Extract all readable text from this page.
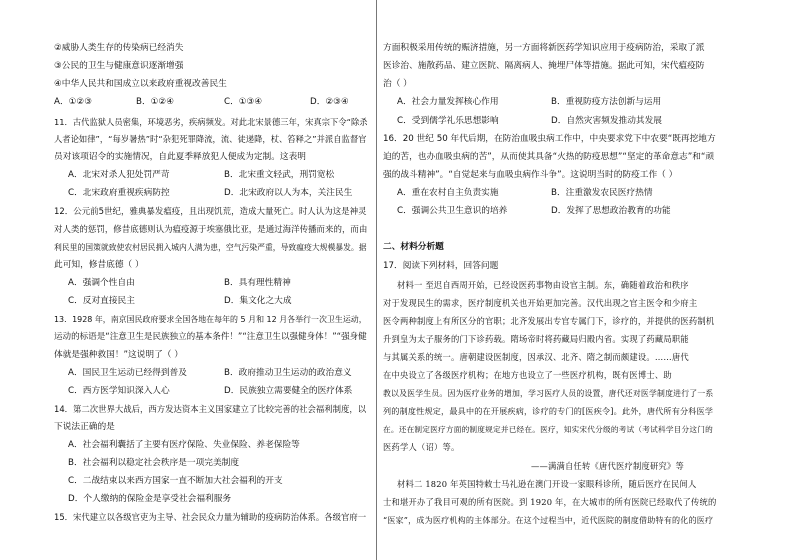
②威胁人类生存的传染病已经消失
③公民的卫生与健康意识逐渐增强
④中华人民共和国成立以来政府重视改善民生
A．①②③	B．①②④	C．①③④	D．②③④
11．古代监狱人员密集，环境恶劣，疾病频发。对此北宋景德三年，宋真宗下令“除杀
人者论如律”，“每岁暑热”时“杂犯死罪降流，流、徒递降，杖、笞释之”并派自监督官
员对该项诏令的实施情况，自此夏季释放犯人便成为定制。这表明
A．北宋对杀人犯处罚严苛	B．北宋重文轻武，刑罚宽松
C．北宋政府重视疾病防控	D．北宋政府以人为本，关注民生
12．公元前5世纪，雅典暴发瘟疫，且出现饥荒，造成大量死亡。时人认为这是神灵
对人类的惩罚，修昔底德则认为瘟疫源于埃塞俄比亚，是通过海洋传播而来的，而由
利民里的国策就致使农村居民拥入城内人满为患，空气污染严重，导致瘟疫大规模暴发。据
此可知，修昔底德（ ）
A．强调个性自由	B．具有理性精神
C．反对直接民主	D．集文化之大成
13．1928 年，南京国民政府要求全国各地在每年的 5 月和 12 月各举行一次卫生运动，
运动的标语是“注意卫生是民族独立的基本条件！”“注意卫生以强健身体！”“强身健
体就是强种救国！”这说明了（ ）
A．国民卫生运动已经得到普及	B．政府推动卫生运动的政治意义
C．西方医学知识深入人心	D．民族独立需要健全的医疗体系
14．第二次世界大战后，西方发达资本主义国家建立了比较完善的社会福利制度，以
下说法正确的是
A．社会福利囊括了主要有医疗保险、失业保险、养老保险等
B．社会福利以稳定社会秩序是一项完美制度
C．二战结束以来西方国家一直不断加大社会福利的开支
D．个人缴纳的保险金是享受社会福利服务
15．宋代建立以各级官吏为主导、社会民众力量为辅助的疫病防治体系。各级官府一
方面积极采用传统的赈济措施，另一方面将新医药学知识应用于疫病防治，采取了派
医诊治、施散药品、建立医院、隔离病人、掩埋尸体等措施。据此可知，宋代瘟疫防
治（ ）
A．社会力量发挥核心作用	B．重视防疫方法创新与运用
C．受到儒学礼乐思想影响	D．自然灾害频发推动其发展
16．20 世纪 50 年代后期，在防治血吸虫病工作中，中央要求党下中农要“既再挖地方
迫的苦，也办血吸虫病的苦”，从而使其具备“火热的防疫思想”“坚定的革命意志”和“顽
强的战斗精神”。“自觉起来与血吸虫病作斗争”。这说明当时的防疫工作（ ）
A．重在农村自主负责实施	B．注重激发农民医疗热情
C．强调公共卫生意识的培养	D．发挥了思想政治教育的功能
二、材料分析题
17．阅读下列材料，回答问题
材料一 至迟自西周开始，已经设医药事物由设官主制。东，确随着政治和秩序
对于发现民生的需求，医疗制度机关也开始更加完善。汉代出现之官主医令和少府主
医令两种制度上有所区分的官职；北齐发展出专官专属门下，诊疗的，并提供的医药制机
升到皇为太子服务的门下诊药载。隋场帝时将药藏局归殿内省。实现了药藏局职能
与其属关系的统一。唐朝建设医制度，因承汉、北齐、隋之制而颇建设。……唐代
在中央设立了各级医疗机构；在地方也设立了一些医疗机构，既有医博士、助
教以及医学生员。因为医疗业务的增加，学习医疗人员的设置，唐代还对医学制度进行了一系
列的制度性规定，最具中的在开展疾病，诊疗的专门的[医疾令]。此外，唐代所有分科医学
在。还在制定医疗方面的制度规定并已经在。医疗，知实宋代分级的考试（考试科学目分这门的
医药学人（诏）等。
——满满自任转《唐代医疗制度研究》等
材料二 1820 年英国特敕士马礼逊在澳门开设一家眼科诊所，随后医疗在民间人
士和堪开办了我目可观的所有医院。到 1920 年，在大城市的所有医院已经取代了传统的
“医家”，成为医疗机构的主体部分。在这个过程当中，近代医院的制度借助特有的化的医疗
